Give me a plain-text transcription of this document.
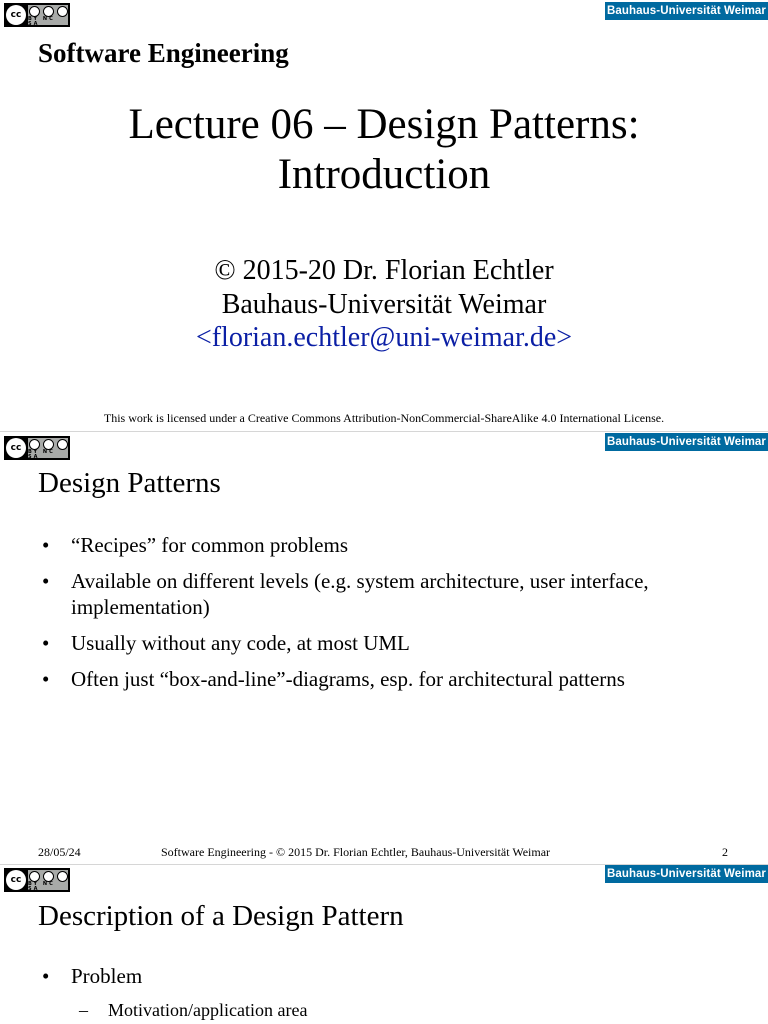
cc	BY NC SA
Bauhaus-Universität Weimar
Software Engineering
Lecture 06 – Design Patterns:
Introduction
© 2015-20 Dr. Florian Echtler
Bauhaus-Universität Weimar
<florian.echtler@uni-weimar.de>
This work is licensed under a Creative Commons Attribution-NonCommercial-ShareAlike 4.0 International License.
cc	BY NC SA
Bauhaus-Universität Weimar
Design Patterns
• “Recipes” for common problems
• Available on different levels (e.g. system architecture, user interface, implementation)
• Usually without any code, at most UML
• Often just “box-and-line”-diagrams, esp. for architectural patterns
28/05/24	Software Engineering - © 2015 Dr. Florian Echtler, Bauhaus-Universität Weimar	2
cc	BY NC SA
Bauhaus-Universität Weimar
Description of a Design Pattern
• Problem
– Motivation/application area
